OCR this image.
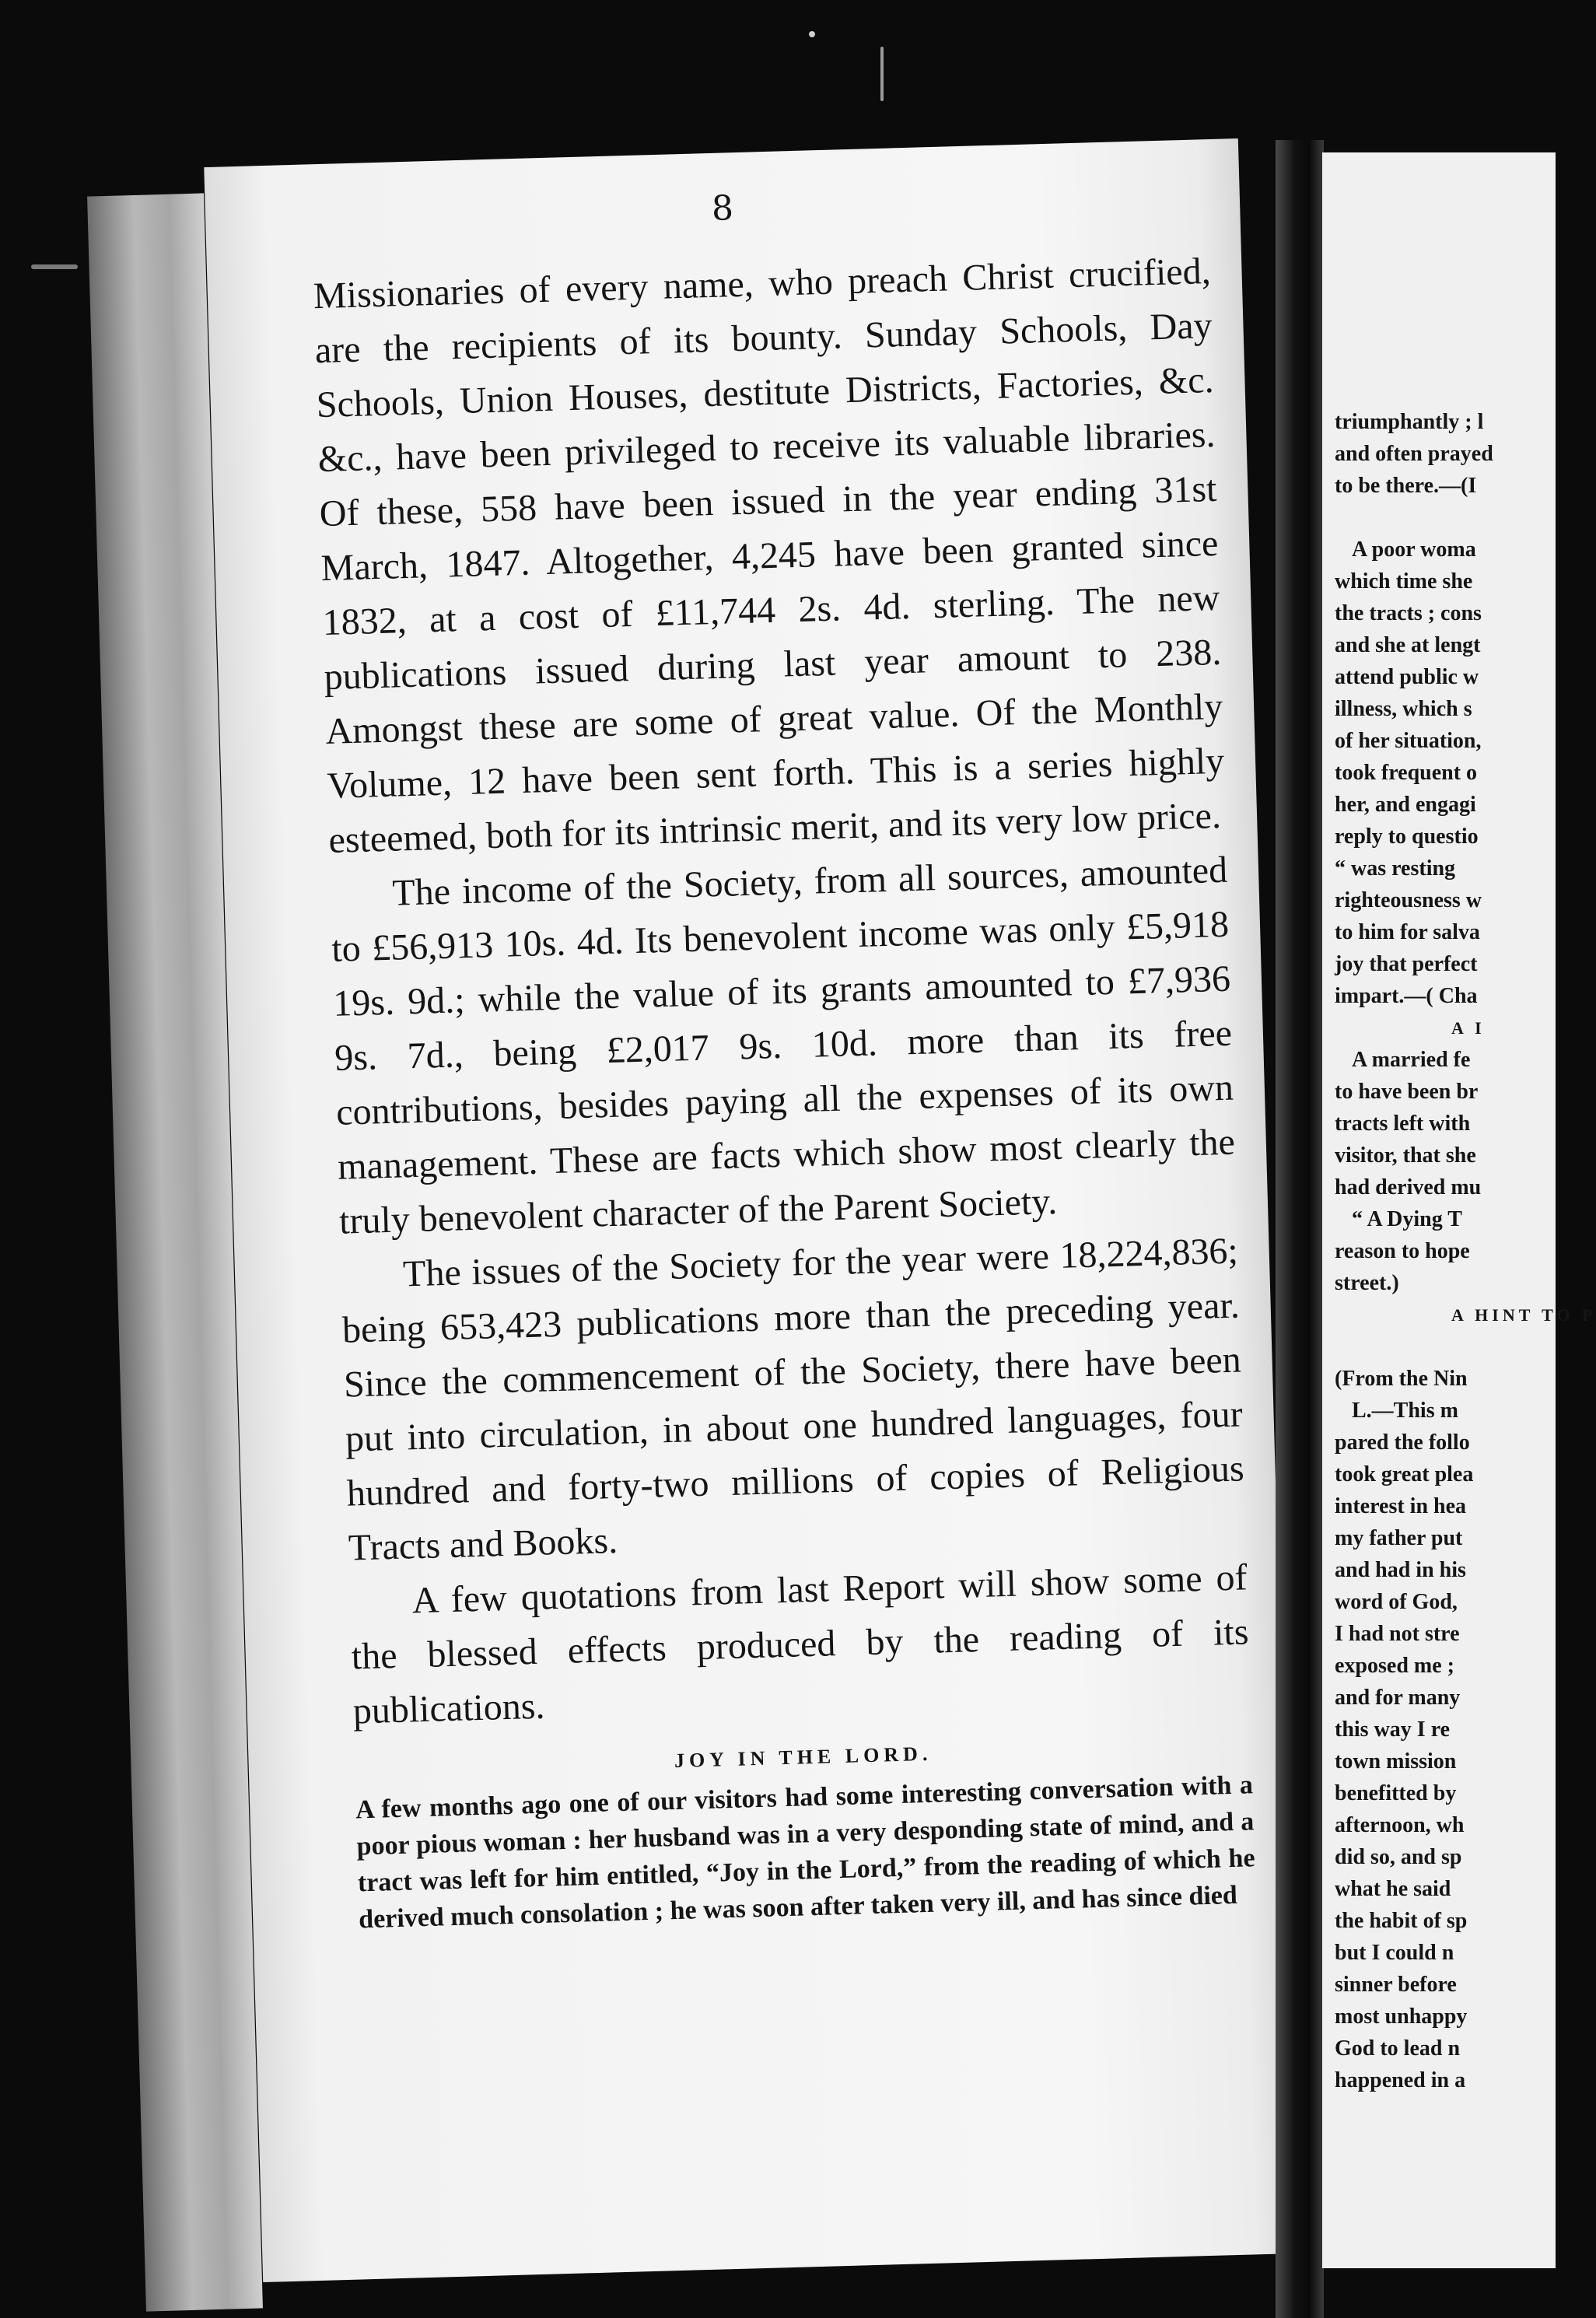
8

Missionaries of every name, who preach Christ crucified, are the recipients of its bounty. Sunday Schools, Day Schools, Union Houses, destitute Districts, Factories, &c. &c., have been privileged to receive its valuable libraries. Of these, 558 have been issued in the year ending 31st March, 1847. Altogether, 4,245 have been granted since 1832, at a cost of £11,744 2s. 4d. sterling. The new publications issued during last year amount to 238. Amongst these are some of great value. Of the Monthly Volume, 12 have been sent forth. This is a series highly esteemed, both for its intrinsic merit, and its very low price.

The income of the Society, from all sources, amounted to £56,913 10s. 4d. Its benevolent income was only £5,918 19s. 9d.; while the value of its grants amounted to £7,936 9s. 7d., being £2,017 9s. 10d. more than its free contributions, besides paying all the expenses of its own management. These are facts which show most clearly the truly benevolent character of the Parent Society.

The issues of the Society for the year were 18,224,836; being 653,423 publications more than the preceding year. Since the commencement of the Society, there have been put into circulation, in about one hundred languages, four hundred and forty-two millions of copies of Religious Tracts and Books.

A few quotations from last Report will show some of the blessed effects produced by the reading of its publications.

JOY IN THE LORD.

A few months ago one of our visitors had some interesting conversation with a poor pious woman : her husband was in a very desponding state of mind, and a tract was left for him entitled, “Joy in the Lord,” from the reading of which he derived much consolation ; he was soon after taken very ill, and has since died

triumphantly ; l
and often prayed
to be there.—(I

A poor woma
which time she
the tracts ; cons
and she at lengt
attend public w
illness, which s
of her situation,
took frequent o
her, and engagi
reply to questio
“ was resting
righteousness w
to him for salva
joy that perfect
impart.—( Cha
A I
A married fe
to have been br
tracts left with
visitor, that she
had derived mu
“ A Dying T
reason to hope
street.)
A HINT TO P

(From the Nin
L.—This m
pared the follo
took great plea
interest in hea
my father put
and had in his
word of God,
I had not stre
exposed me ;
and for many
this way I re
town mission
benefitted by
afternoon, wh
did so, and sp
what he said
the habit of sp
but I could n
sinner before
most unhappy
God to lead n
happened in a
